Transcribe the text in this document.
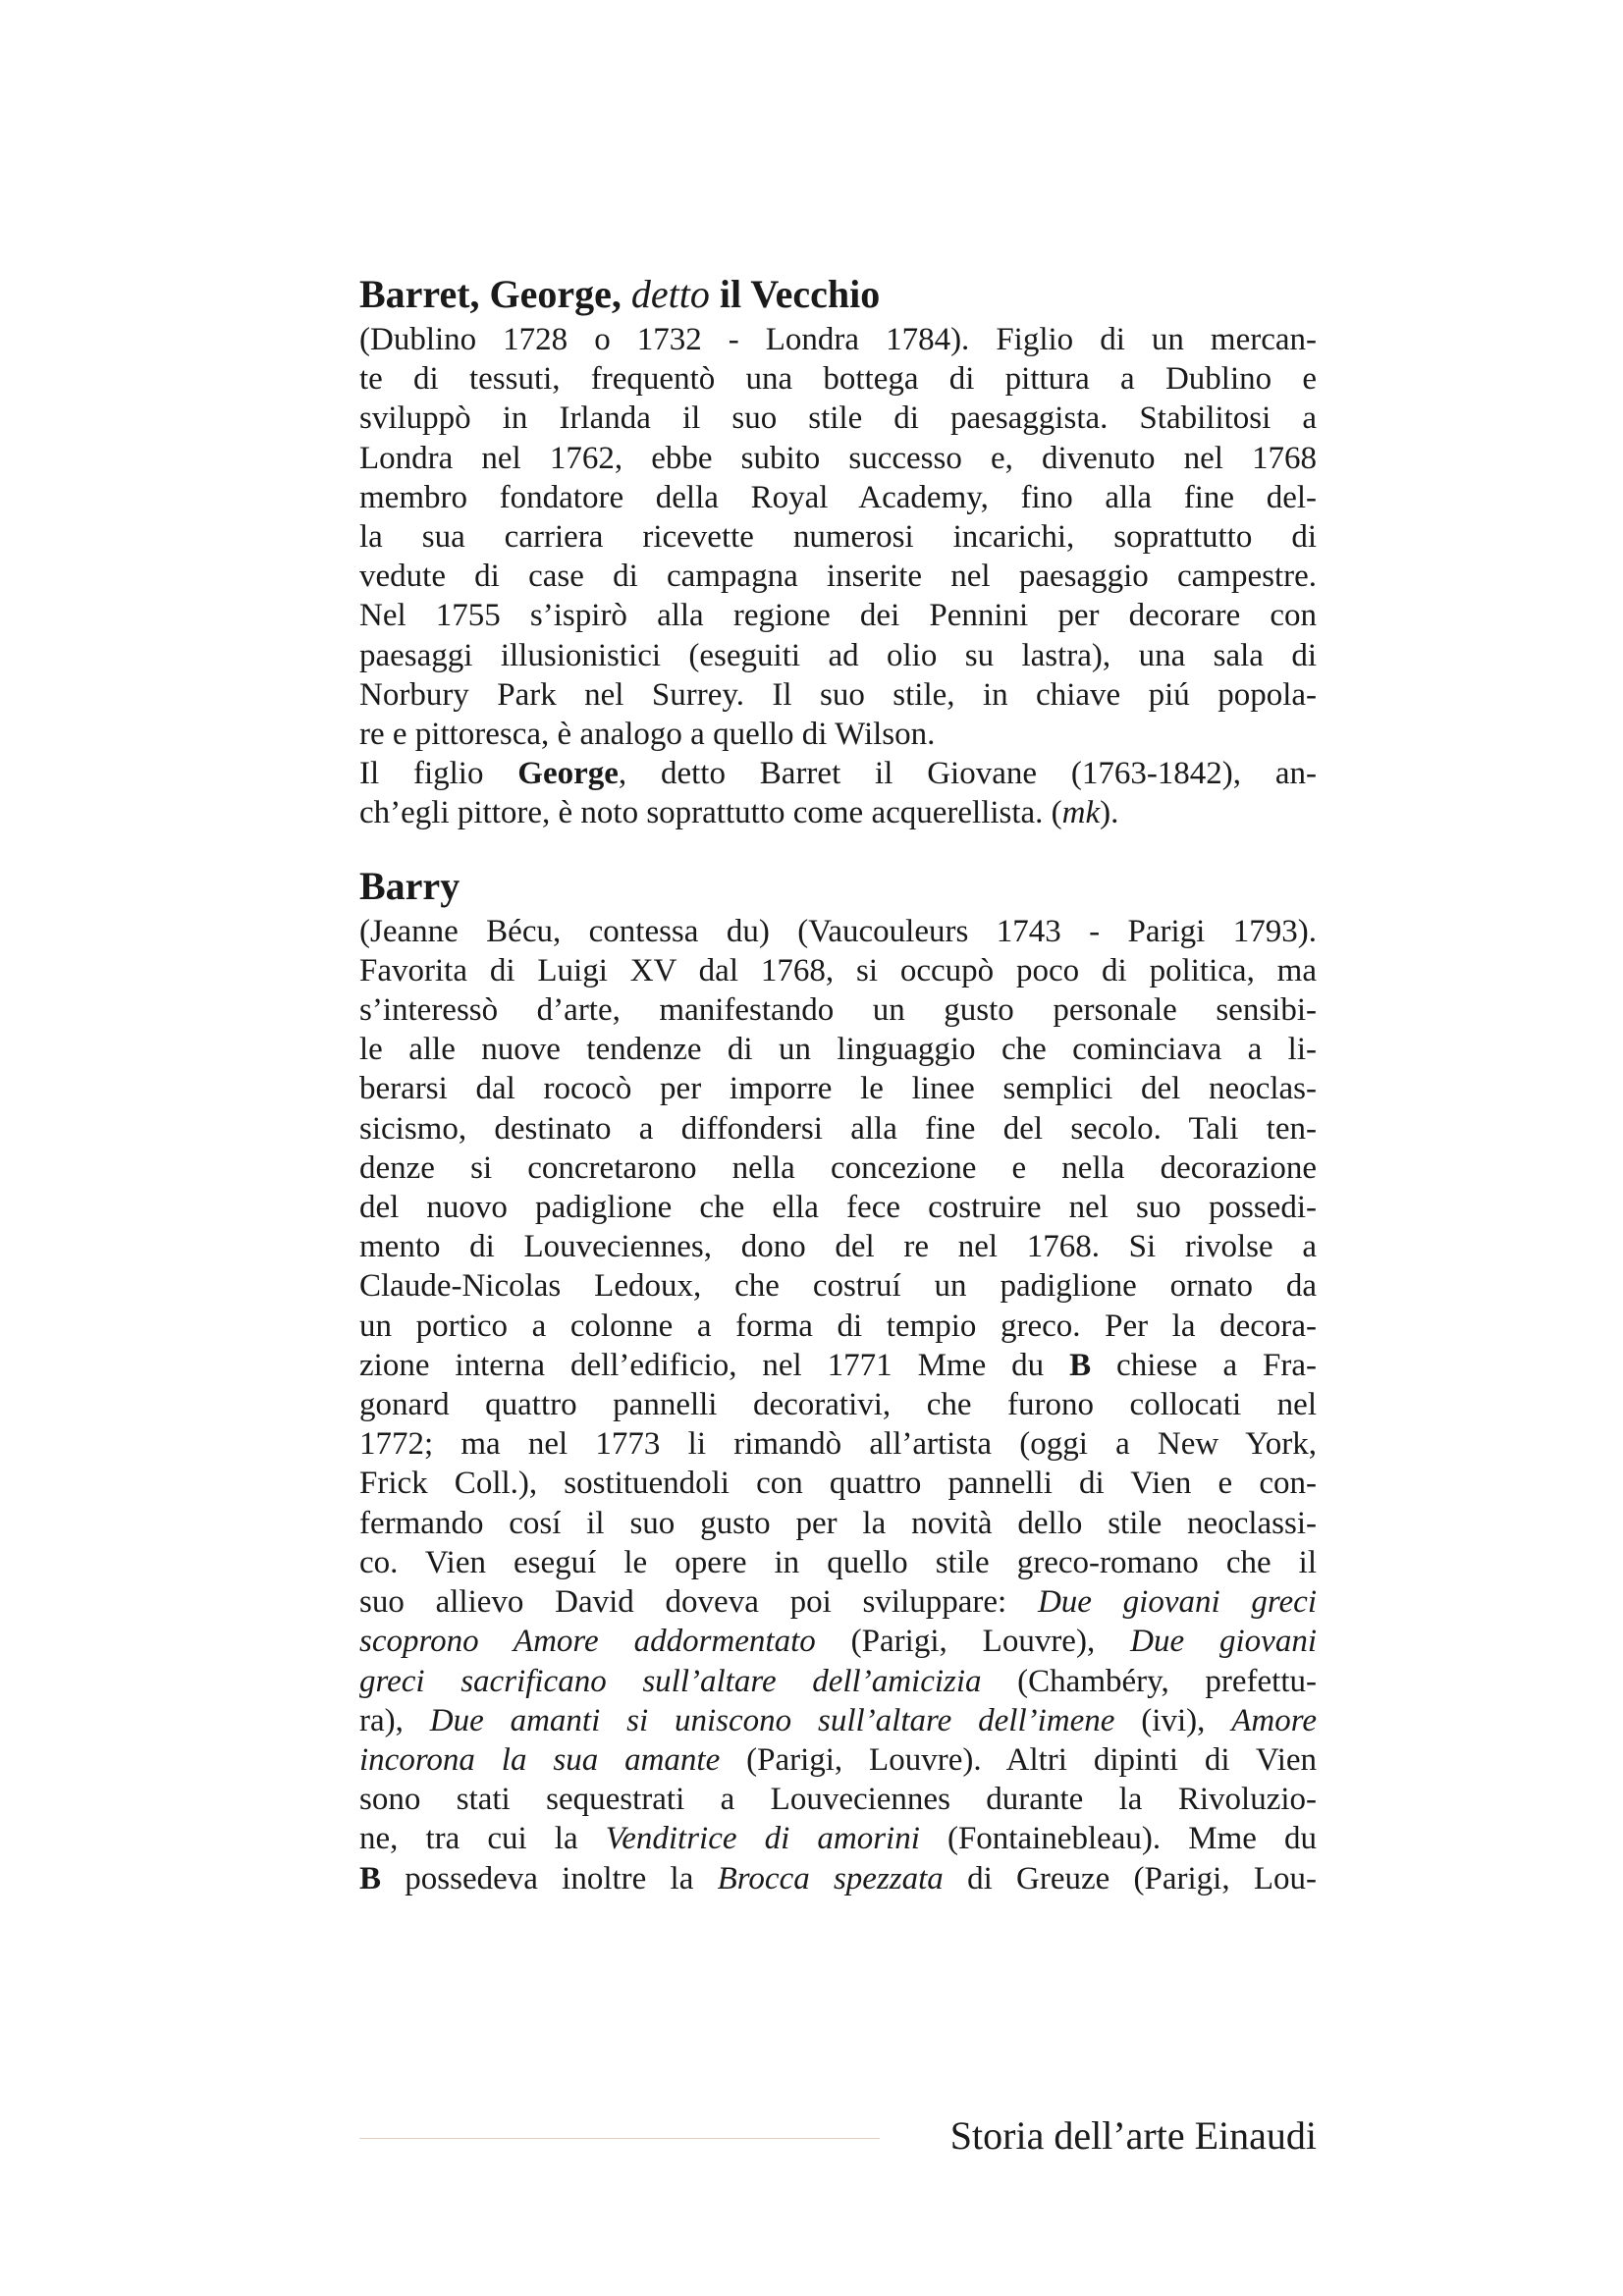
Barret, George, detto il Vecchio
(Dublino 1728 o 1732 - Londra 1784). Figlio di un mercan-
te di tessuti, frequentò una bottega di pittura a Dublino e
sviluppò in Irlanda il suo stile di paesaggista. Stabilitosi a
Londra nel 1762, ebbe subito successo e, divenuto nel 1768
membro fondatore della Royal Academy, fino alla fine del-
la sua carriera ricevette numerosi incarichi, soprattutto di
vedute di case di campagna inserite nel paesaggio campestre.
Nel 1755 s’ispirò alla regione dei Pennini per decorare con
paesaggi illusionistici (eseguiti ad olio su lastra), una sala di
Norbury Park nel Surrey. Il suo stile, in chiave piú popola-
re e pittoresca, è analogo a quello di Wilson.
Il figlio George, detto Barret il Giovane (1763-1842), an-
ch’egli pittore, è noto soprattutto come acquerellista. (mk).
Barry
(Jeanne Bécu, contessa du) (Vaucouleurs 1743 - Parigi 1793).
Favorita di Luigi XV dal 1768, si occupò poco di politica, ma
s’interessò d’arte, manifestando un gusto personale sensibi-
le alle nuove tendenze di un linguaggio che cominciava a li-
berarsi dal rococò per imporre le linee semplici del neoclas-
sicismo, destinato a diffondersi alla fine del secolo. Tali ten-
denze si concretarono nella concezione e nella decorazione
del nuovo padiglione che ella fece costruire nel suo possedi-
mento di Louveciennes, dono del re nel 1768. Si rivolse a
Claude-Nicolas Ledoux, che costruí un padiglione ornato da
un portico a colonne a forma di tempio greco. Per la decora-
zione interna dell’edificio, nel 1771 Mme du B chiese a Fra-
gonard quattro pannelli decorativi, che furono collocati nel
1772; ma nel 1773 li rimandò all’artista (oggi a New York,
Frick Coll.), sostituendoli con quattro pannelli di Vien e con-
fermando cosí il suo gusto per la novità dello stile neoclassi-
co. Vien eseguí le opere in quello stile greco-romano che il
suo allievo David doveva poi sviluppare: Due giovani greci
scoprono Amore addormentato (Parigi, Louvre), Due giovani
greci sacrificano sull’altare dell’amicizia (Chambéry, prefettu-
ra), Due amanti si uniscono sull’altare dell’imene (ivi), Amore
incorona la sua amante (Parigi, Louvre). Altri dipinti di Vien
sono stati sequestrati a Louveciennes durante la Rivoluzio-
ne, tra cui la Venditrice di amorini (Fontainebleau). Mme du
B possedeva inoltre la Brocca spezzata di Greuze (Parigi, Lou-
Storia dell’arte Einaudi
